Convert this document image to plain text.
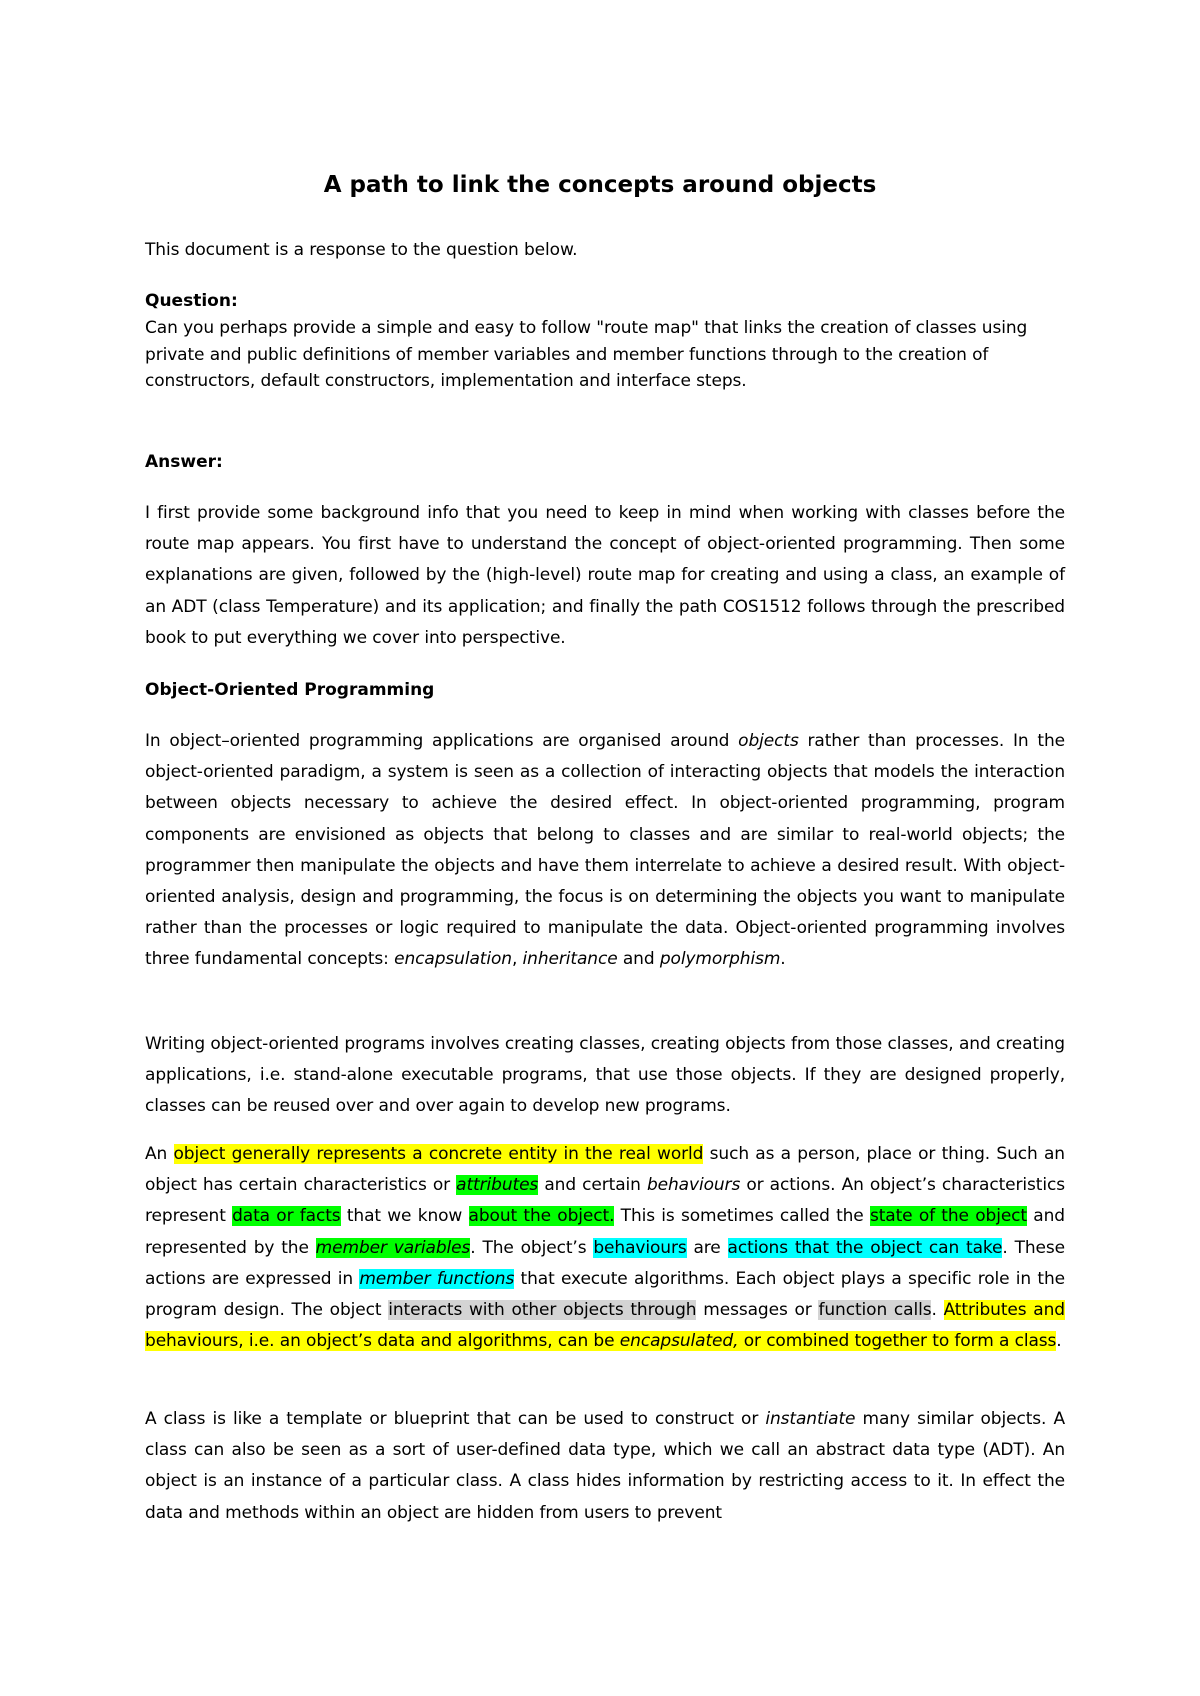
A path to link the concepts around objects

This document is a response to the question below.

Question:

Can you perhaps provide a simple and easy to follow "route map" that links the creation of classes using private and public definitions of member variables and member functions through to the creation of constructors, default constructors, implementation and interface steps.

Answer:

I first provide some background info that you need to keep in mind when working with classes before the route map appears. You first have to understand the concept of object-oriented programming. Then some explanations are given, followed by the (high-level) route map for creating and using a class, an example of an ADT (class Temperature) and its application; and finally the path COS1512 follows through the prescribed book to put everything we cover into perspective.

Object-Oriented Programming

In object–oriented programming applications are organised around objects rather than processes. In the object-oriented paradigm, a system is seen as a collection of interacting objects that models the interaction between objects necessary to achieve the desired effect. In object-oriented programming, program components are envisioned as objects that belong to classes and are similar to real-world objects; the programmer then manipulate the objects and have them interrelate to achieve a desired result. With object-oriented analysis, design and programming, the focus is on determining the objects you want to manipulate rather than the processes or logic required to manipulate the data. Object-oriented programming involves three fundamental concepts: encapsulation, inheritance and polymorphism.

Writing object-oriented programs involves creating classes, creating objects from those classes, and creating applications, i.e. stand-alone executable programs, that use those objects. If they are designed properly, classes can be reused over and over again to develop new programs.

An object generally represents a concrete entity in the real world such as a person, place or thing. Such an object has certain characteristics or attributes and certain behaviours or actions. An object’s characteristics represent data or facts that we know about the object. This is sometimes called the state of the object and represented by the member variables. The object’s behaviours are actions that the object can take. These actions are expressed in member functions that execute algorithms. Each object plays a specific role in the program design. The object interacts with other objects through messages or function calls. Attributes and behaviours, i.e. an object’s data and algorithms, can be encapsulated, or combined together to form a class.

A class is like a template or blueprint that can be used to construct or instantiate many similar objects. A class can also be seen as a sort of user-defined data type, which we call an abstract data type (ADT). An object is an instance of a particular class. A class hides information by restricting access to it. In effect the data and methods within an object are hidden from users to prevent
